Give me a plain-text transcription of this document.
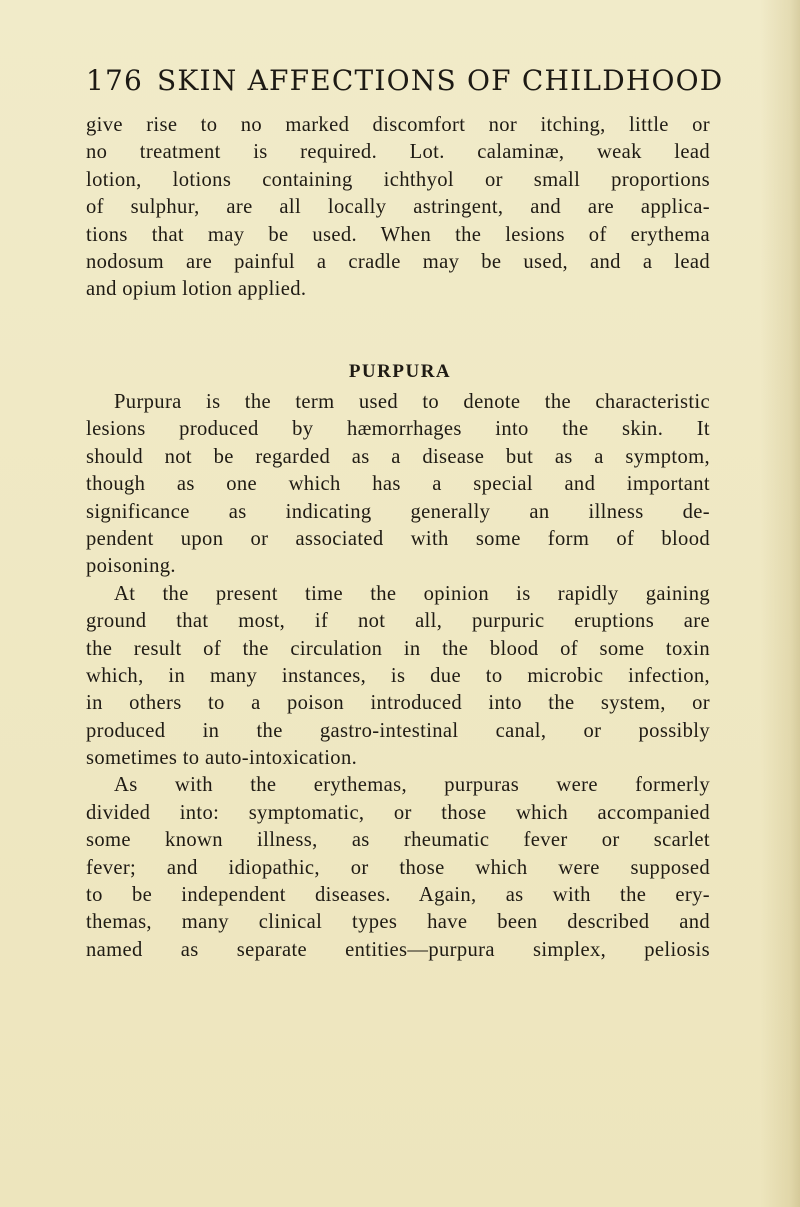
176 SKIN AFFECTIONS OF CHILDHOOD
give rise to no marked discomfort nor itching, little or
no treatment is required. Lot. calaminæ, weak lead
lotion, lotions containing ichthyol or small proportions
of sulphur, are all locally astringent, and are applica-
tions that may be used. When the lesions of erythema
nodosum are painful a cradle may be used, and a lead
and opium lotion applied.
PURPURA
Purpura is the term used to denote the characteristic
lesions produced by hæmorrhages into the skin. It
should not be regarded as a disease but as a symptom,
though as one which has a special and important
significance as indicating generally an illness de-
pendent upon or associated with some form of blood
poisoning.
At the present time the opinion is rapidly gaining
ground that most, if not all, purpuric eruptions are
the result of the circulation in the blood of some toxin
which, in many instances, is due to microbic infection,
in others to a poison introduced into the system, or
produced in the gastro-intestinal canal, or possibly
sometimes to auto-intoxication.
As with the erythemas, purpuras were formerly
divided into: symptomatic, or those which accompanied
some known illness, as rheumatic fever or scarlet
fever; and idiopathic, or those which were supposed
to be independent diseases. Again, as with the ery-
themas, many clinical types have been described and
named as separate entities—purpura simplex, peliosis
